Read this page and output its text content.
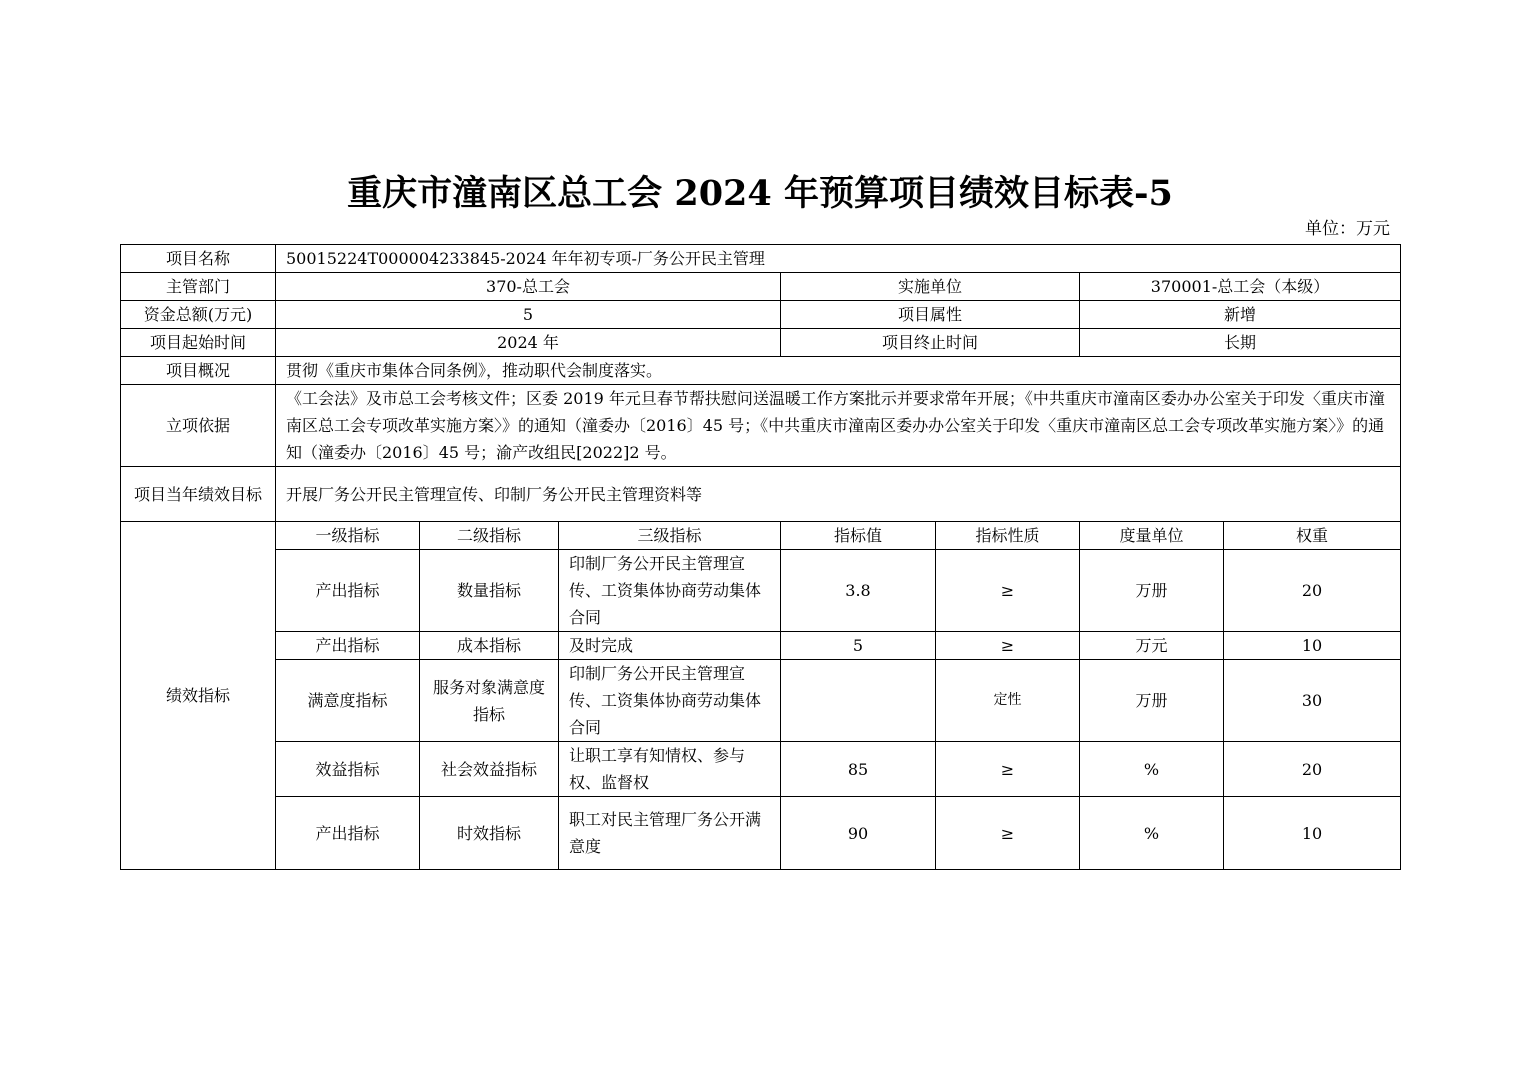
重庆市潼南区总工会 2024 年预算项目绩效目标表-5
单位：万元
项目名称	50015224T000004233845-2024 年年初专项-厂务公开民主管理						
主管部门	370-总工会			实施单位		370001-总工会（本级）	
资金总额(万元)	5			项目属性		新增	
项目起始时间	2024 年			项目终止时间		长期	
项目概况	贯彻《重庆市集体合同条例》，推动职代会制度落实。						
立项依据	《工会法》及市总工会考核文件；区委 2019 年元旦春节帮扶慰问送温暖工作方案批示并要求常年开展；《中共重庆市潼南区委办办公室关于印发〈重庆市潼南区总工会专项改革实施方案〉》的通知（潼委办〔2016〕45 号；《中共重庆市潼南区委办办公室关于印发〈重庆市潼南区总工会专项改革实施方案〉》的通知（潼委办〔2016〕45 号；渝产改组民[2022]2 号。						
项目当年绩效目标	开展厂务公开民主管理宣传、印制厂务公开民主管理资料等						
绩效指标	一级指标	二级指标	三级指标	指标值	指标性质	度量单位	权重
	产出指标	数量指标	印制厂务公开民主管理宣传、工资集体协商劳动集体合同	3.8	≥	万册	20
	产出指标	成本指标	及时完成	5	≥	万元	10
	满意度指标	服务对象满意度指标	印制厂务公开民主管理宣传、工资集体协商劳动集体合同		定性	万册	30
	效益指标	社会效益指标	让职工享有知情权、参与权、监督权	85	≥	%	20
	产出指标	时效指标	职工对民主管理厂务公开满意度	90	≥	%	10
